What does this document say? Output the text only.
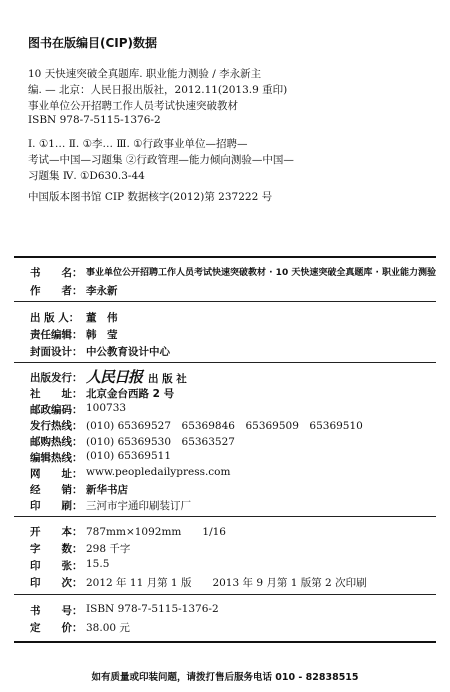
图书在版编目(CIP)数据
10 天快速突破全真题库. 职业能力测验 / 李永新主
编. — 北京：人民日报出版社，2012.11(2013.9 重印)
事业单位公开招聘工作人员考试快速突破教材
ISBN 978-7-5115-1376-2
Ⅰ. ①1… Ⅱ. ①李… Ⅲ. ①行政事业单位—招聘—
考试—中国—习题集 ②行政管理—能力倾向测验—中国—
习题集 Ⅳ. ①D630.3-44
中国版本图书馆 CIP 数据核字(2012)第 237222 号
书　　名： 事业单位公开招聘工作人员考试快速突破教材 · 10 天快速突破全真题库 · 职业能力测验
作　　者： 李永新
出 版 人： 董　伟
责任编辑： 韩　莹
封面设计： 中公教育设计中心
出版发行： 人民日报 出 版 社
社　　址： 北京金台西路 2 号
邮政编码： 100733
发行热线： (010) 65369527　65369846　65369509　65369510
邮购热线： (010) 65369530　65363527
编辑热线： (010) 65369511
网　　址： www.peopledailypress.com
经　　销： 新华书店
印　　刷： 三河市宇通印刷装订厂
开　　本： 787mm×1092mm　　1/16
字　　数： 298 千字
印　　张： 15.5
印　　次： 2012 年 11 月第 1 版　　2013 年 9 月第 1 版第 2 次印刷
书　　号： ISBN 978-7-5115-1376-2
定　　价： 38.00 元
如有质量或印装问题，请拨打售后服务电话 010 - 82838515
